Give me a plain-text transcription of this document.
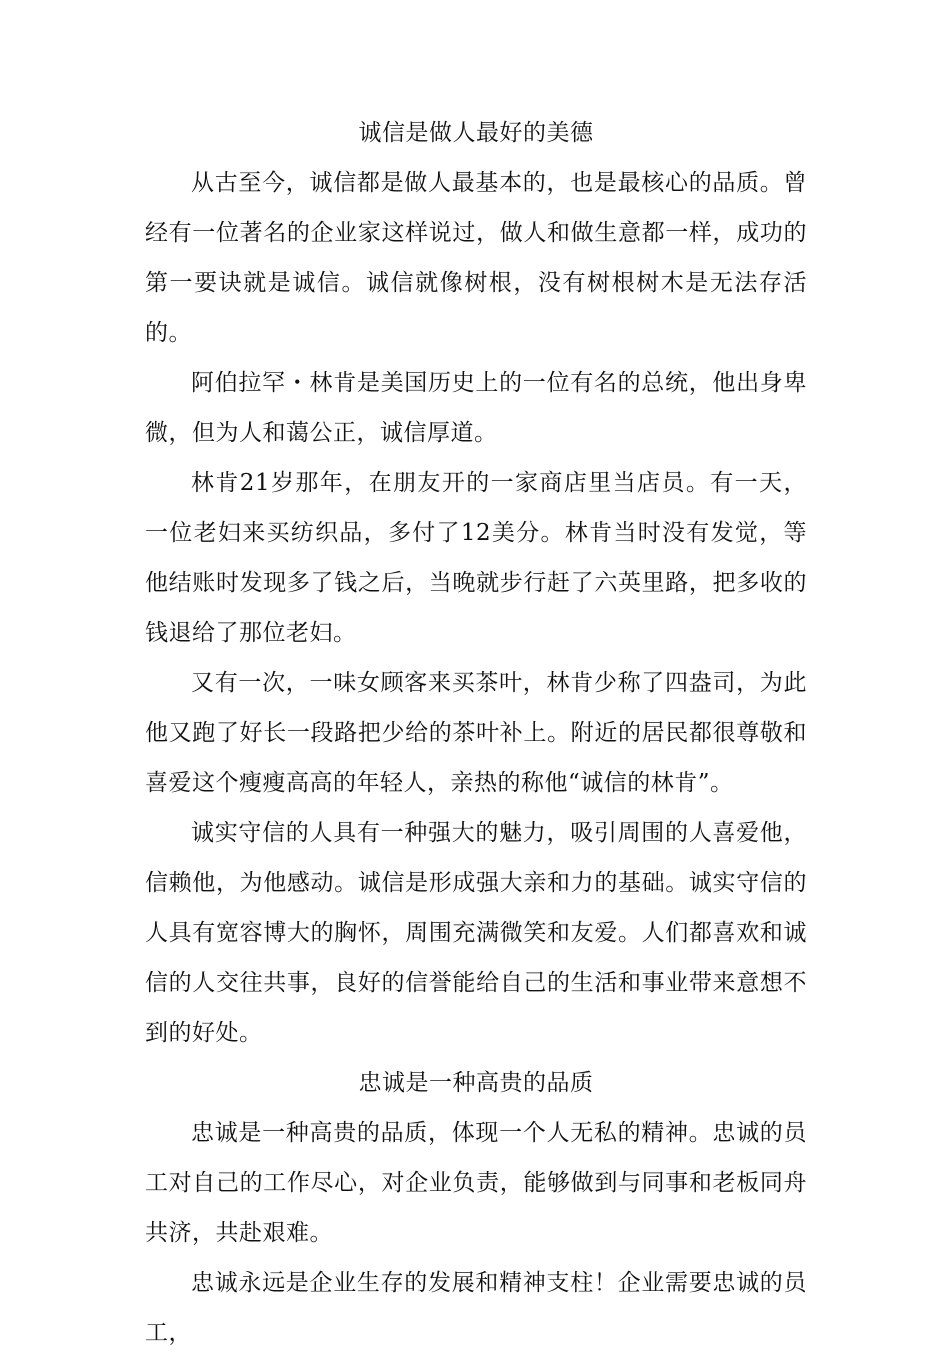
诚信是做人最好的美德

从古至今，诚信都是做人最基本的，也是最核心的品质。曾经有一位著名的企业家这样说过，做人和做生意都一样，成功的第一要诀就是诚信。诚信就像树根，没有树根树木是无法存活的。

阿伯拉罕・林肯是美国历史上的一位有名的总统，他出身卑微，但为人和蔼公正，诚信厚道。

林肯21岁那年，在朋友开的一家商店里当店员。有一天，一位老妇来买纺织品，多付了12美分。林肯当时没有发觉，等他结账时发现多了钱之后，当晚就步行赶了六英里路，把多收的钱退给了那位老妇。

又有一次，一味女顾客来买茶叶，林肯少称了四盎司，为此他又跑了好长一段路把少给的茶叶补上。附近的居民都很尊敬和喜爱这个瘦瘦高高的年轻人，亲热的称他“诚信的林肯”。

诚实守信的人具有一种强大的魅力，吸引周围的人喜爱他，信赖他，为他感动。诚信是形成强大亲和力的基础。诚实守信的人具有宽容博大的胸怀，周围充满微笑和友爱。人们都喜欢和诚信的人交往共事，良好的信誉能给自己的生活和事业带来意想不到的好处。

忠诚是一种高贵的品质

忠诚是一种高贵的品质，体现一个人无私的精神。忠诚的员工对自己的工作尽心，对企业负责，能够做到与同事和老板同舟共济，共赴艰难。

忠诚永远是企业生存的发展和精神支柱！企业需要忠诚的员工，
